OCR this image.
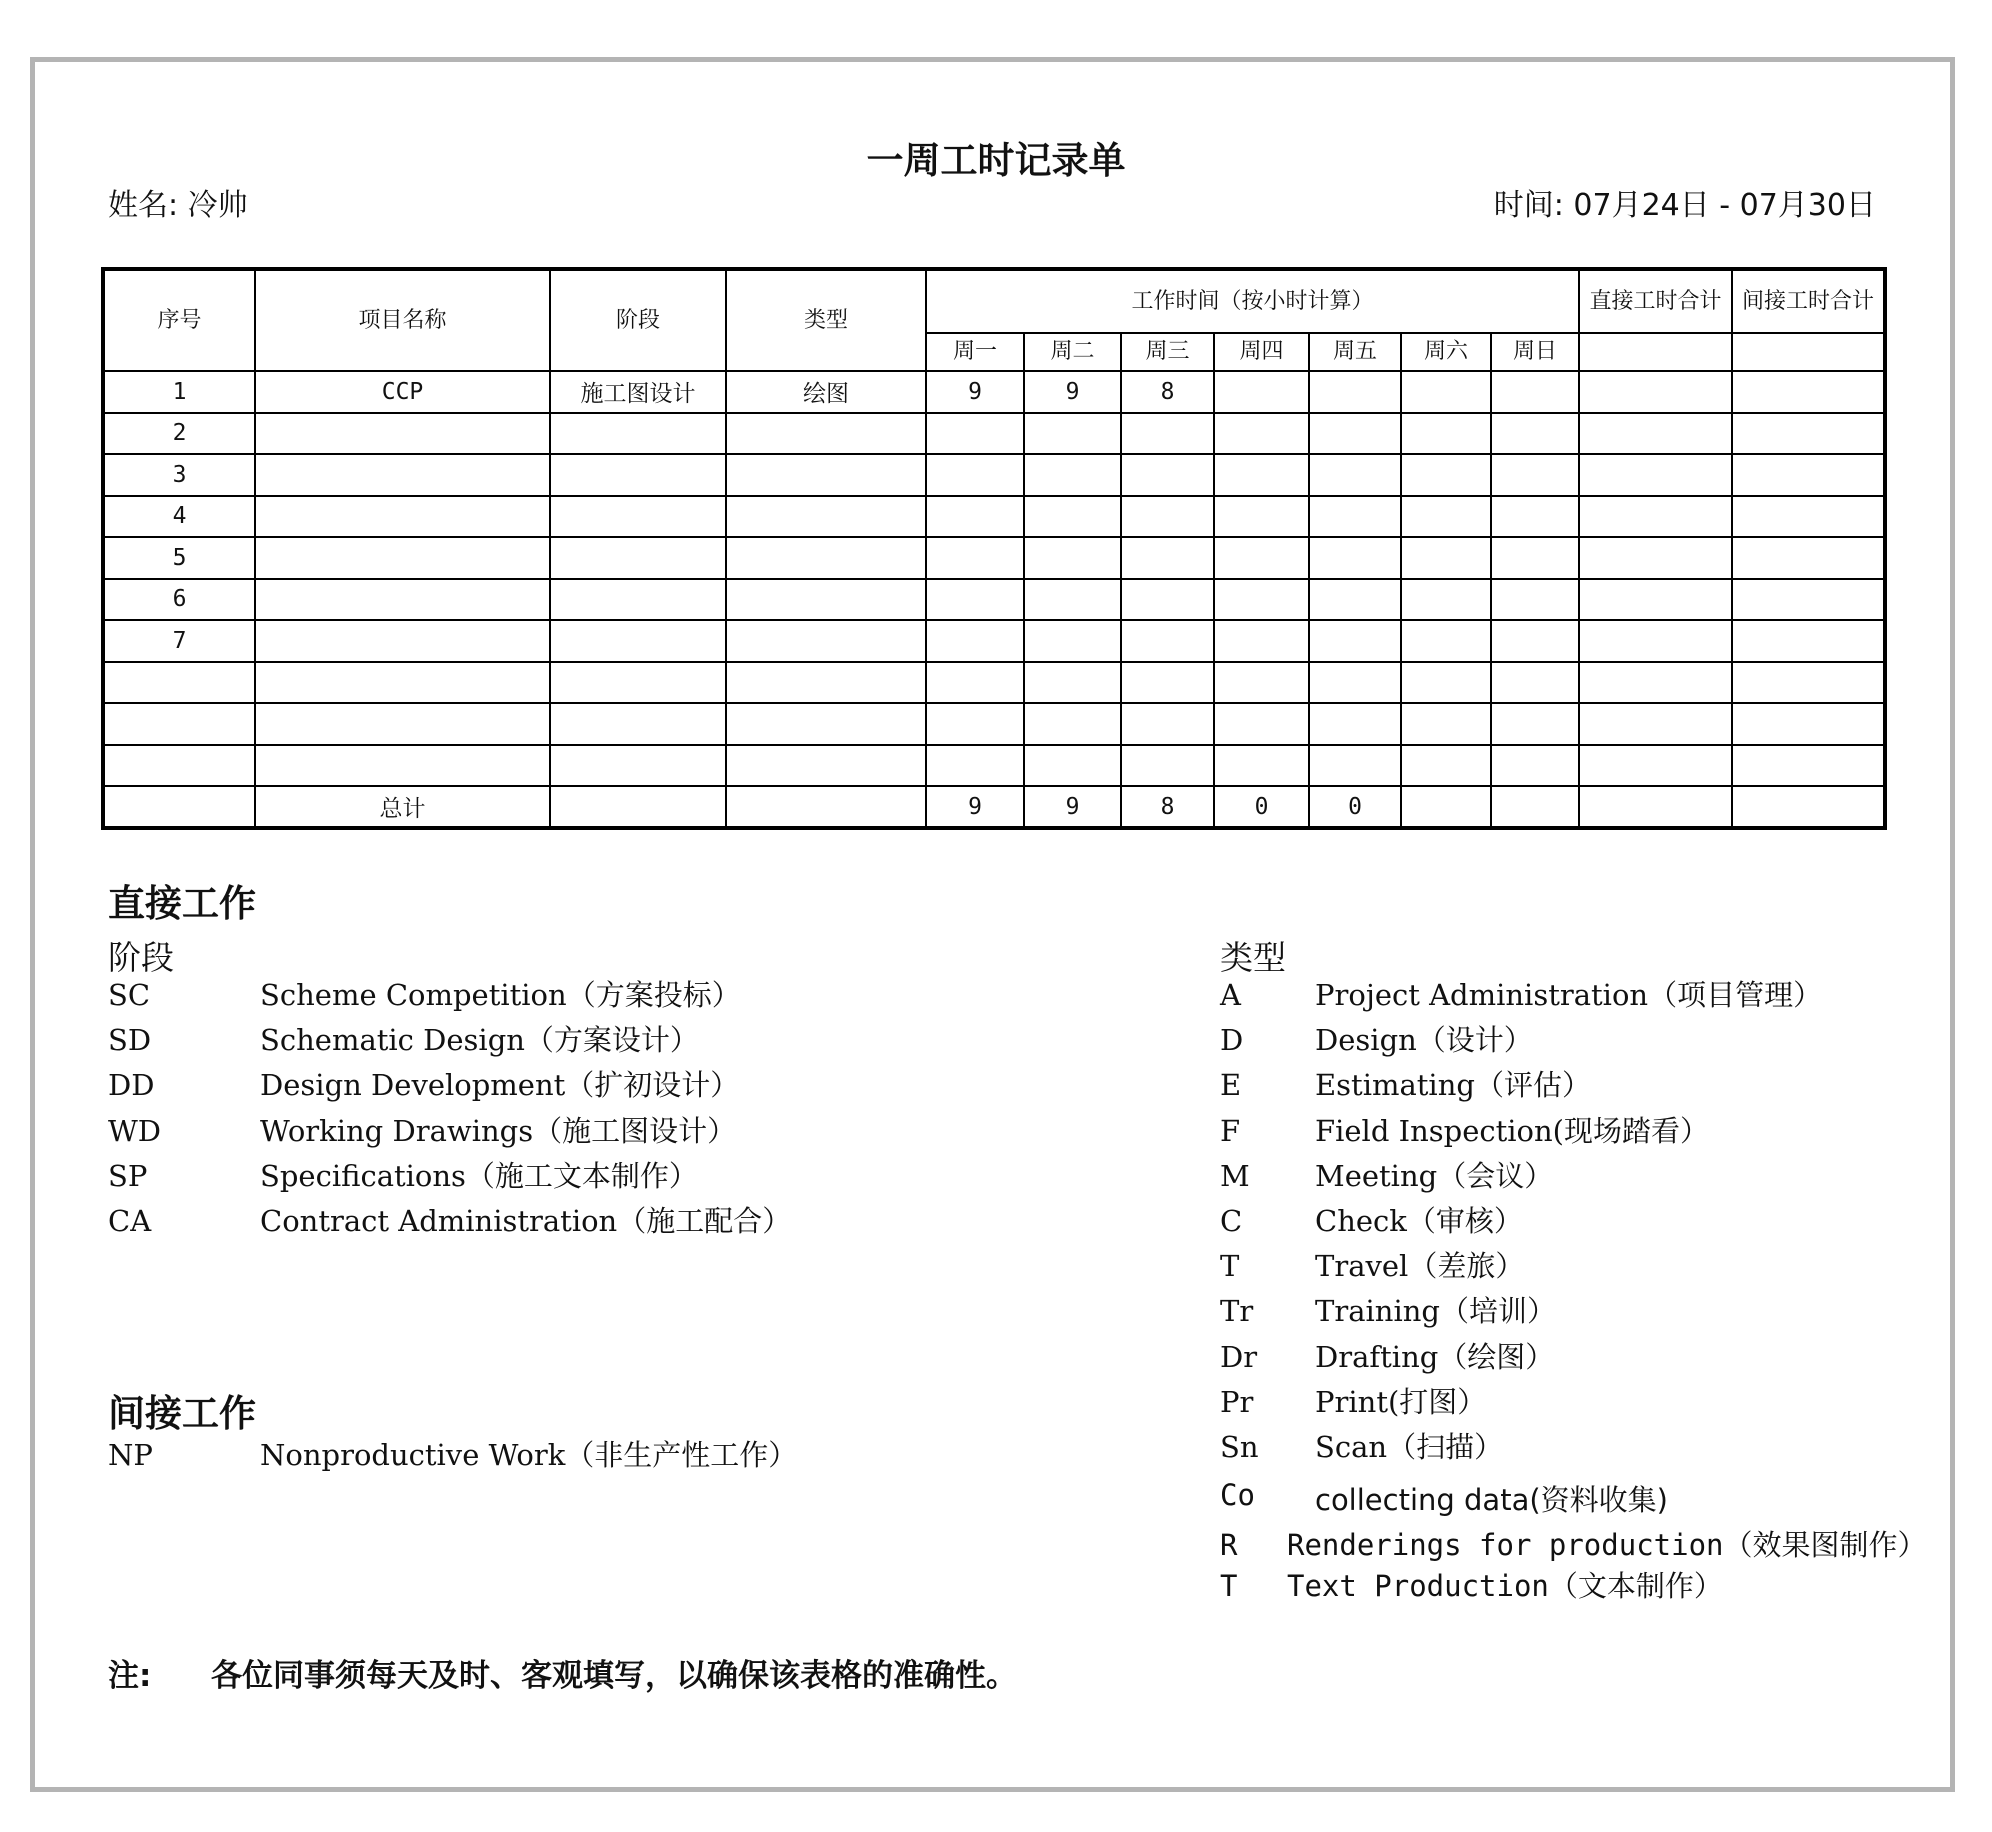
一周工时记录单
姓名: 冷帅	时间: 07月24日 - 07月30日
序号	项目名称	阶段	类型	工作时间（按小时计算）							直接工时合计	间接工时合计
				周一	周二	周三	周四	周五	周六	周日		
1	CCP	施工图设计	绘图	9	9	8						
2												
3												
4												
5												
6												
7												

	总计			9	9	8	0	0				
直接工作
阶段
SC	Scheme Competition（方案投标）
SD	Schematic Design（方案设计）
DD	Design Development（扩初设计）
WD	Working Drawings（施工图设计）
SP	Specifications（施工文本制作）
CA	Contract Administration（施工配合）
间接工作
NP	Nonproductive Work（非生产性工作）
类型
A	Project Administration（项目管理）
D Design（设计）
E	Estimating（评估）
F	Field Inspection(现场踏看）
M Meeting（会议）
C	Check（审核）
T	Travel（差旅）
Tr Training（培训）
Dr Drafting（绘图）
Pr Print(打图）
Sn Scan（扫描）
Co collecting data(资料收集)
R Renderings for production（效果图制作）
T Text Production（文本制作）
注: 各位同事须每天及时、客观填写，以确保该表格的准确性。
